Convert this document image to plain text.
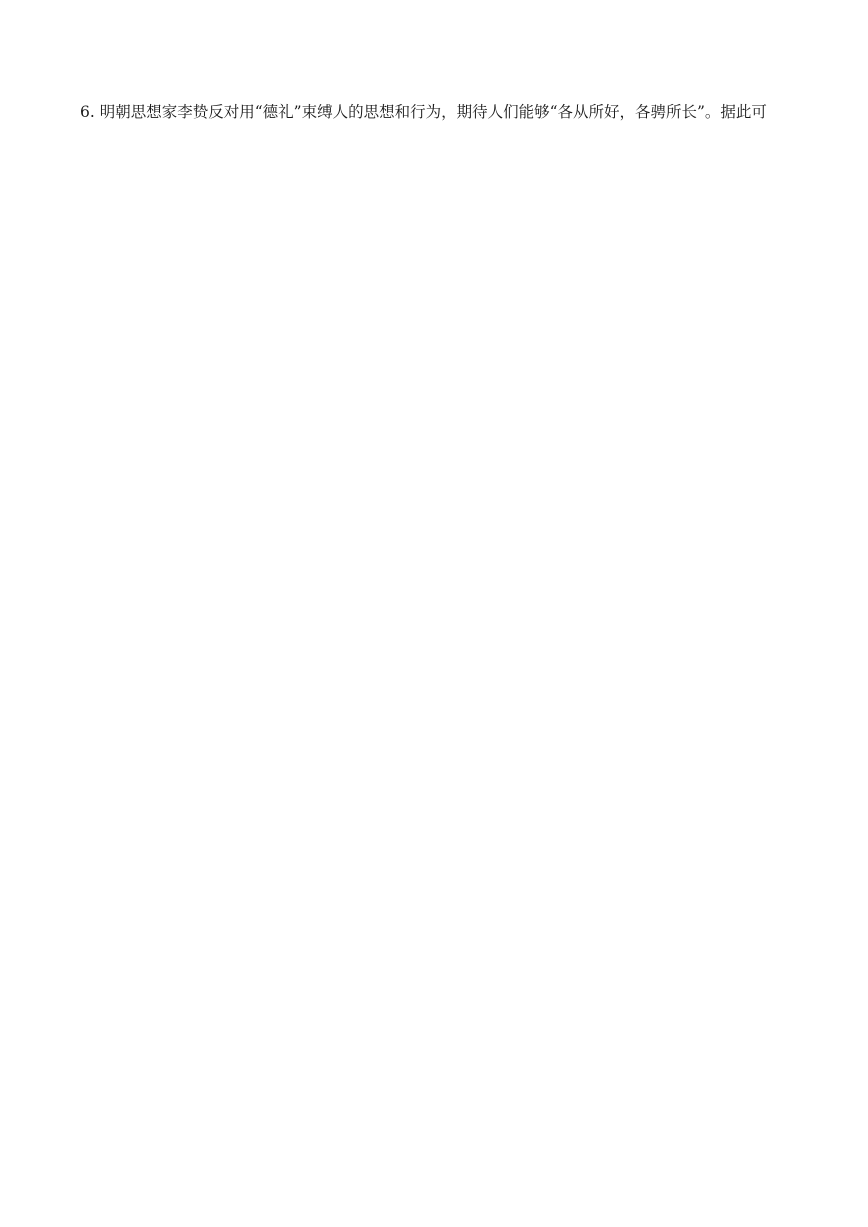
6. 明朝思想家李贽反对用“德礼”束缚人的思想和行为，期待人们能够“各从所好，各骋所长”。据此可
